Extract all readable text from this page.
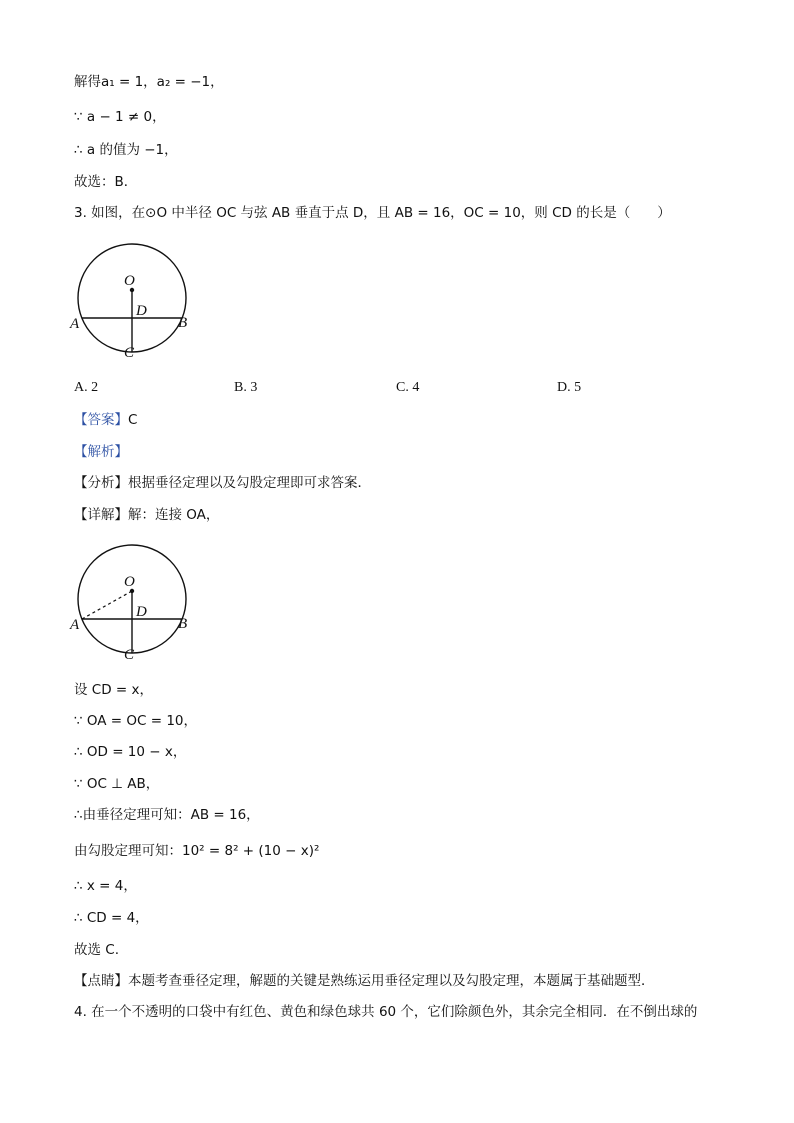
解得a₁ = 1，a₂ = −1，
∵ a − 1 ≠ 0，
∴ a 的值为 −1，
故选：B．
3. 如图，在⊙O 中半径 OC 与弦 AB 垂直于点 D，且 AB = 16，OC = 10，则 CD 的长是（　　）
O
D
A	B
C
A. 2	B. 3	C. 4	D. 5
【答案】C
【解析】
【分析】根据垂径定理以及勾股定理即可求答案．
【详解】解：连接 OA，
O
D
A	B
C
设 CD = x，
∵ OA = OC = 10，
∴ OD = 10 − x，
∵ OC ⊥ AB，
∴由垂径定理可知：AB = 16，
由勾股定理可知：10² = 8² + (10 − x)²
∴ x = 4，
∴ CD = 4，
故选 C.
【点睛】本题考查垂径定理，解题的关键是熟练运用垂径定理以及勾股定理，本题属于基础题型．
4. 在一个不透明的口袋中有红色、黄色和绿色球共 60 个，它们除颜色外，其余完全相同．在不倒出球的
